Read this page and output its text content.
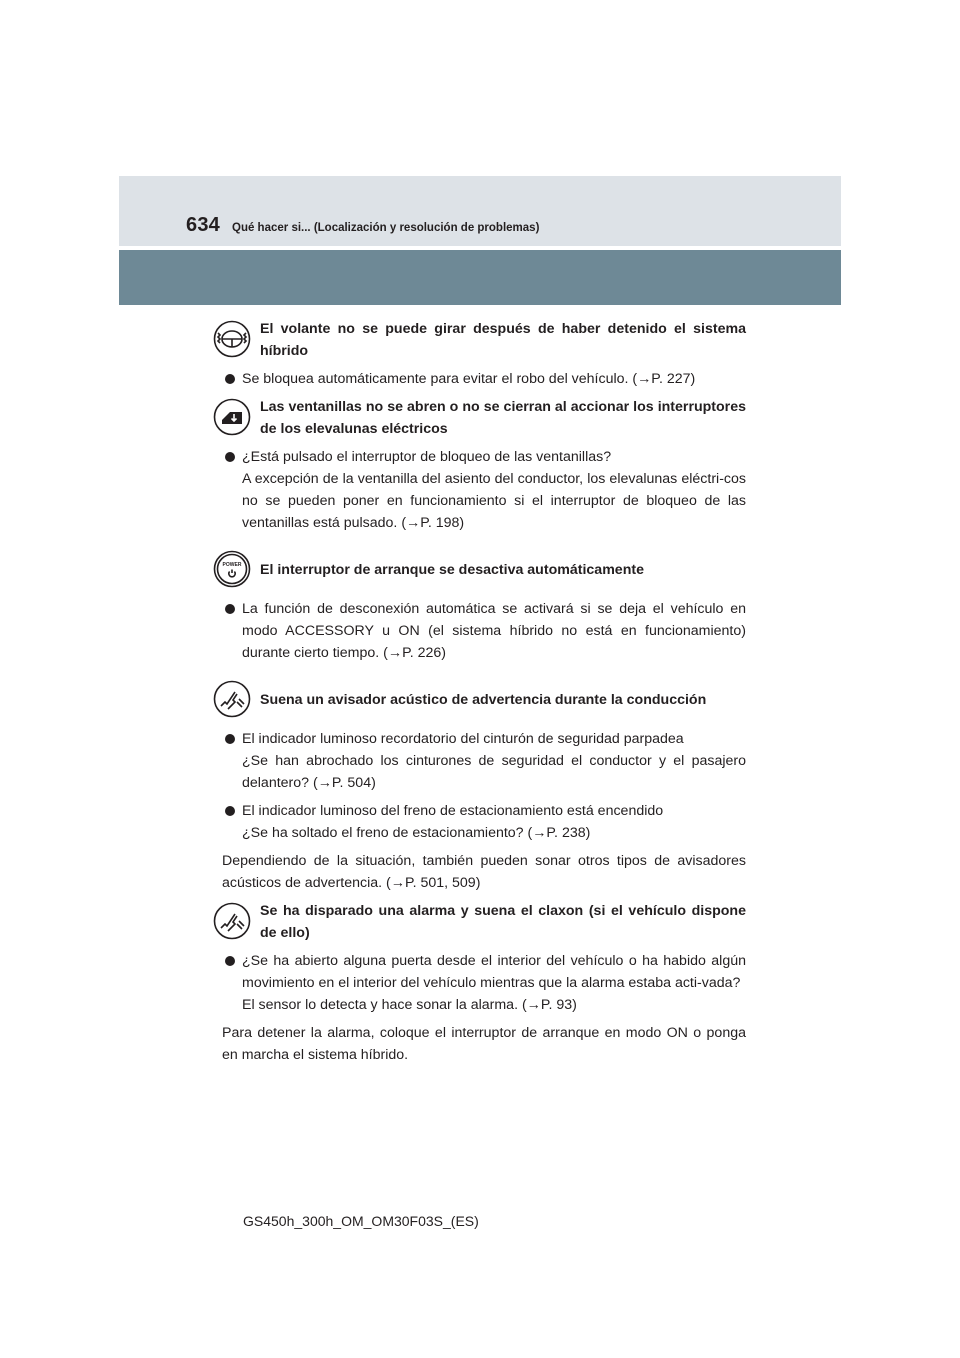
634 Qué hacer si... (Localización y resolución de problemas)
El volante no se puede girar después de haber detenido el sistema híbrido
Se bloquea automáticamente para evitar el robo del vehículo. (→P. 227)
Las ventanillas no se abren o no se cierran al accionar los interruptores de los elevalunas eléctricos
¿Está pulsado el interruptor de bloqueo de las ventanillas?
A excepción de la ventanilla del asiento del conductor, los elevalunas eléctri-cos no se pueden poner en funcionamiento si el interruptor de bloqueo de las ventanillas está pulsado. (→P. 198)
POWER El interruptor de arranque se desactiva automáticamente
La función de desconexión automática se activará si se deja el vehículo en modo ACCESSORY u ON (el sistema híbrido no está en funcionamiento) durante cierto tiempo. (→P. 226)
Suena un avisador acústico de advertencia durante la conducción
El indicador luminoso recordatorio del cinturón de seguridad parpadea
¿Se han abrochado los cinturones de seguridad el conductor y el pasajero delantero? (→P. 504)
El indicador luminoso del freno de estacionamiento está encendido
¿Se ha soltado el freno de estacionamiento? (→P. 238)
Dependiendo de la situación, también pueden sonar otros tipos de avisadores acústicos de advertencia. (→P. 501, 509)
Se ha disparado una alarma y suena el claxon (si el vehículo dispone de ello)
¿Se ha abierto alguna puerta desde el interior del vehículo o ha habido algún movimiento en el interior del vehículo mientras que la alarma estaba acti-vada?
El sensor lo detecta y hace sonar la alarma. (→P. 93)
Para detener la alarma, coloque el interruptor de arranque en modo ON o ponga en marcha el sistema híbrido.
GS450h_300h_OM_OM30F03S_(ES)
